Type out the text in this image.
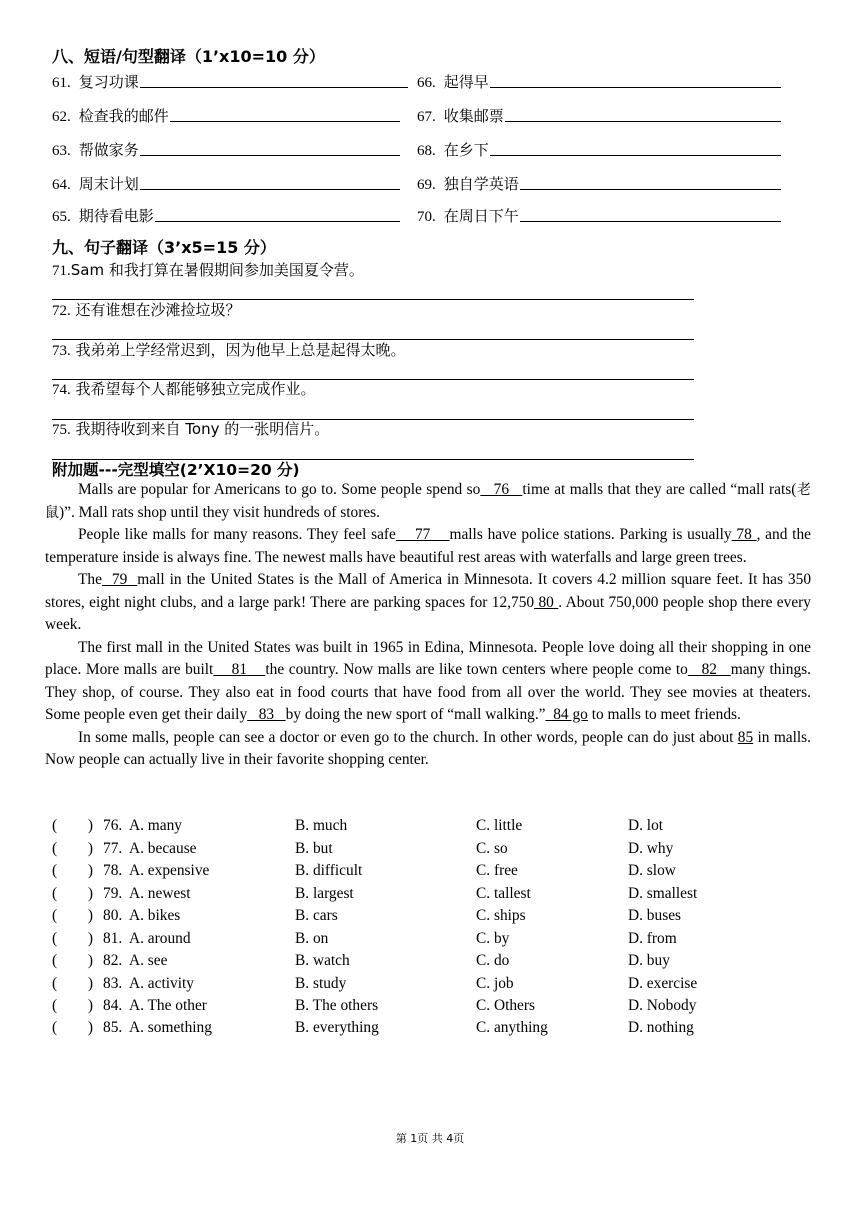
八、短语/句型翻译（1’x10=10 分）
61. 复习功课
62. 检查我的邮件
63. 帮做家务
64. 周末计划
65. 期待看电影
66. 起得早
67. 收集邮票
68. 在乡下
69. 独自学英语
70. 在周日下午
九、句子翻译（3’x5=15 分）
71.Sam 和我打算在暑假期间参加美国夏令营。
72. 还有谁想在沙滩捡垃圾？
73. 我弟弟上学经常迟到，因为他早上总是起得太晚。
74. 我希望每个人都能够独立完成作业。
75. 我期待收到来自 Tony 的一张明信片。
附加题---完型填空(2’X10=20 分)

Malls are popular for Americans to go to. Some people spend so   76   time at malls that they are called “mall rats(老鼠)”. Mall rats shop until they visit hundreds of stores.

People like malls for many reasons. They feel safe    77    malls have police stations. Parking is usually 78 , and the temperature inside is always fine. The newest malls have beautiful rest areas with waterfalls and large green trees.

The  79  mall in the United States is the Mall of America in Minnesota. It covers 4.2 million square feet. It has 350 stores, eight night clubs, and a large park! There are parking spaces for 12,750 80 . About 750,000 people shop there every week.

The first mall in the United States was built in 1965 in Edina, Minnesota. People love doing all their shopping in one place. More malls are built    81    the country. Now malls are like town centers where people come to   82   many things. They shop, of course. They also eat in food courts that have food from all over the world. They see movies at theaters. Some people even get their daily   83   by doing the new sport of “mall walking.”_84 go to malls to meet friends.

In some malls, people can see a doctor or even go to the church. In other words, people can do just about 85 in malls. Now people can actually live in their favorite shopping center.

(        ) 76. A. many	B. much	C. little	D. lot
(        ) 77. A. because	B. but	C. so	D. why
(        ) 78. A. expensive	B. difficult	C. free	D. slow
(        ) 79. A. newest	B. largest	C. tallest	D. smallest
(        ) 80. A. bikes	B. cars	C. ships	D. buses
(        ) 81. A. around	B. on	C. by	D. from
(        ) 82. A. see	B. watch	C. do	D. buy
(        ) 83. A. activity	B. study	C. job	D. exercise
(        ) 84. A. The other	B. The others	C. Others	D. Nobody
(        ) 85. A. something	B. everything	C. anything	D. nothing
第 1页 共 4页
